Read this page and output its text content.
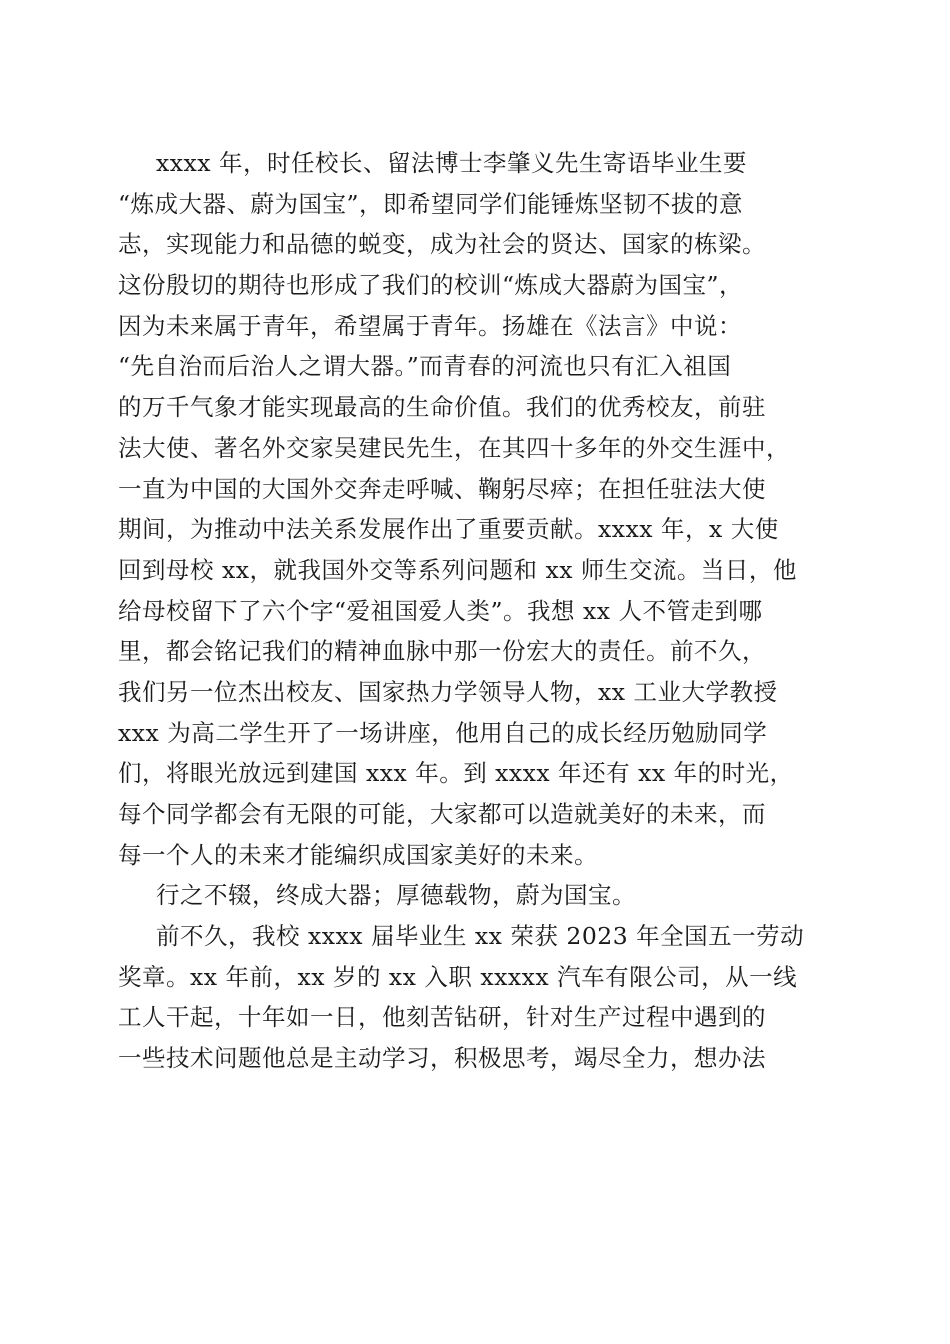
xxxx 年，时任校长、留法博士李肇义先生寄语毕业生要
“炼成大器、蔚为国宝”，即希望同学们能锤炼坚韧不拔的意
志，实现能力和品德的蜕变，成为社会的贤达、国家的栋梁。
这份殷切的期待也形成了我们的校训“炼成大器蔚为国宝”，
因为未来属于青年，希望属于青年。扬雄在《法言》中说：
“先自治而后治人之谓大器。”而青春的河流也只有汇入祖国
的万千气象才能实现最高的生命价值。我们的优秀校友，前驻
法大使、著名外交家吴建民先生，在其四十多年的外交生涯中，
一直为中国的大国外交奔走呼喊、鞠躬尽瘁；在担任驻法大使
期间，为推动中法关系发展作出了重要贡献。xxxx 年，x 大使
回到母校 xx，就我国外交等系列问题和 xx 师生交流。当日，他
给母校留下了六个字“爱祖国爱人类”。我想 xx 人不管走到哪
里，都会铭记我们的精神血脉中那一份宏大的责任。前不久，
我们另一位杰出校友、国家热力学领导人物，xx 工业大学教授
xxx 为高二学生开了一场讲座，他用自己的成长经历勉励同学
们，将眼光放远到建国 xxx 年。到 xxxx 年还有 xx 年的时光，
每个同学都会有无限的可能，大家都可以造就美好的未来，而
每一个人的未来才能编织成国家美好的未来。
行之不辍，终成大器；厚德载物，蔚为国宝。
前不久，我校 xxxx 届毕业生 xx 荣获 2023 年全国五一劳动
奖章。xx 年前，xx 岁的 xx 入职 xxxxx 汽车有限公司，从一线
工人干起，十年如一日，他刻苦钻研，针对生产过程中遇到的
一些技术问题他总是主动学习，积极思考，竭尽全力，想办法
